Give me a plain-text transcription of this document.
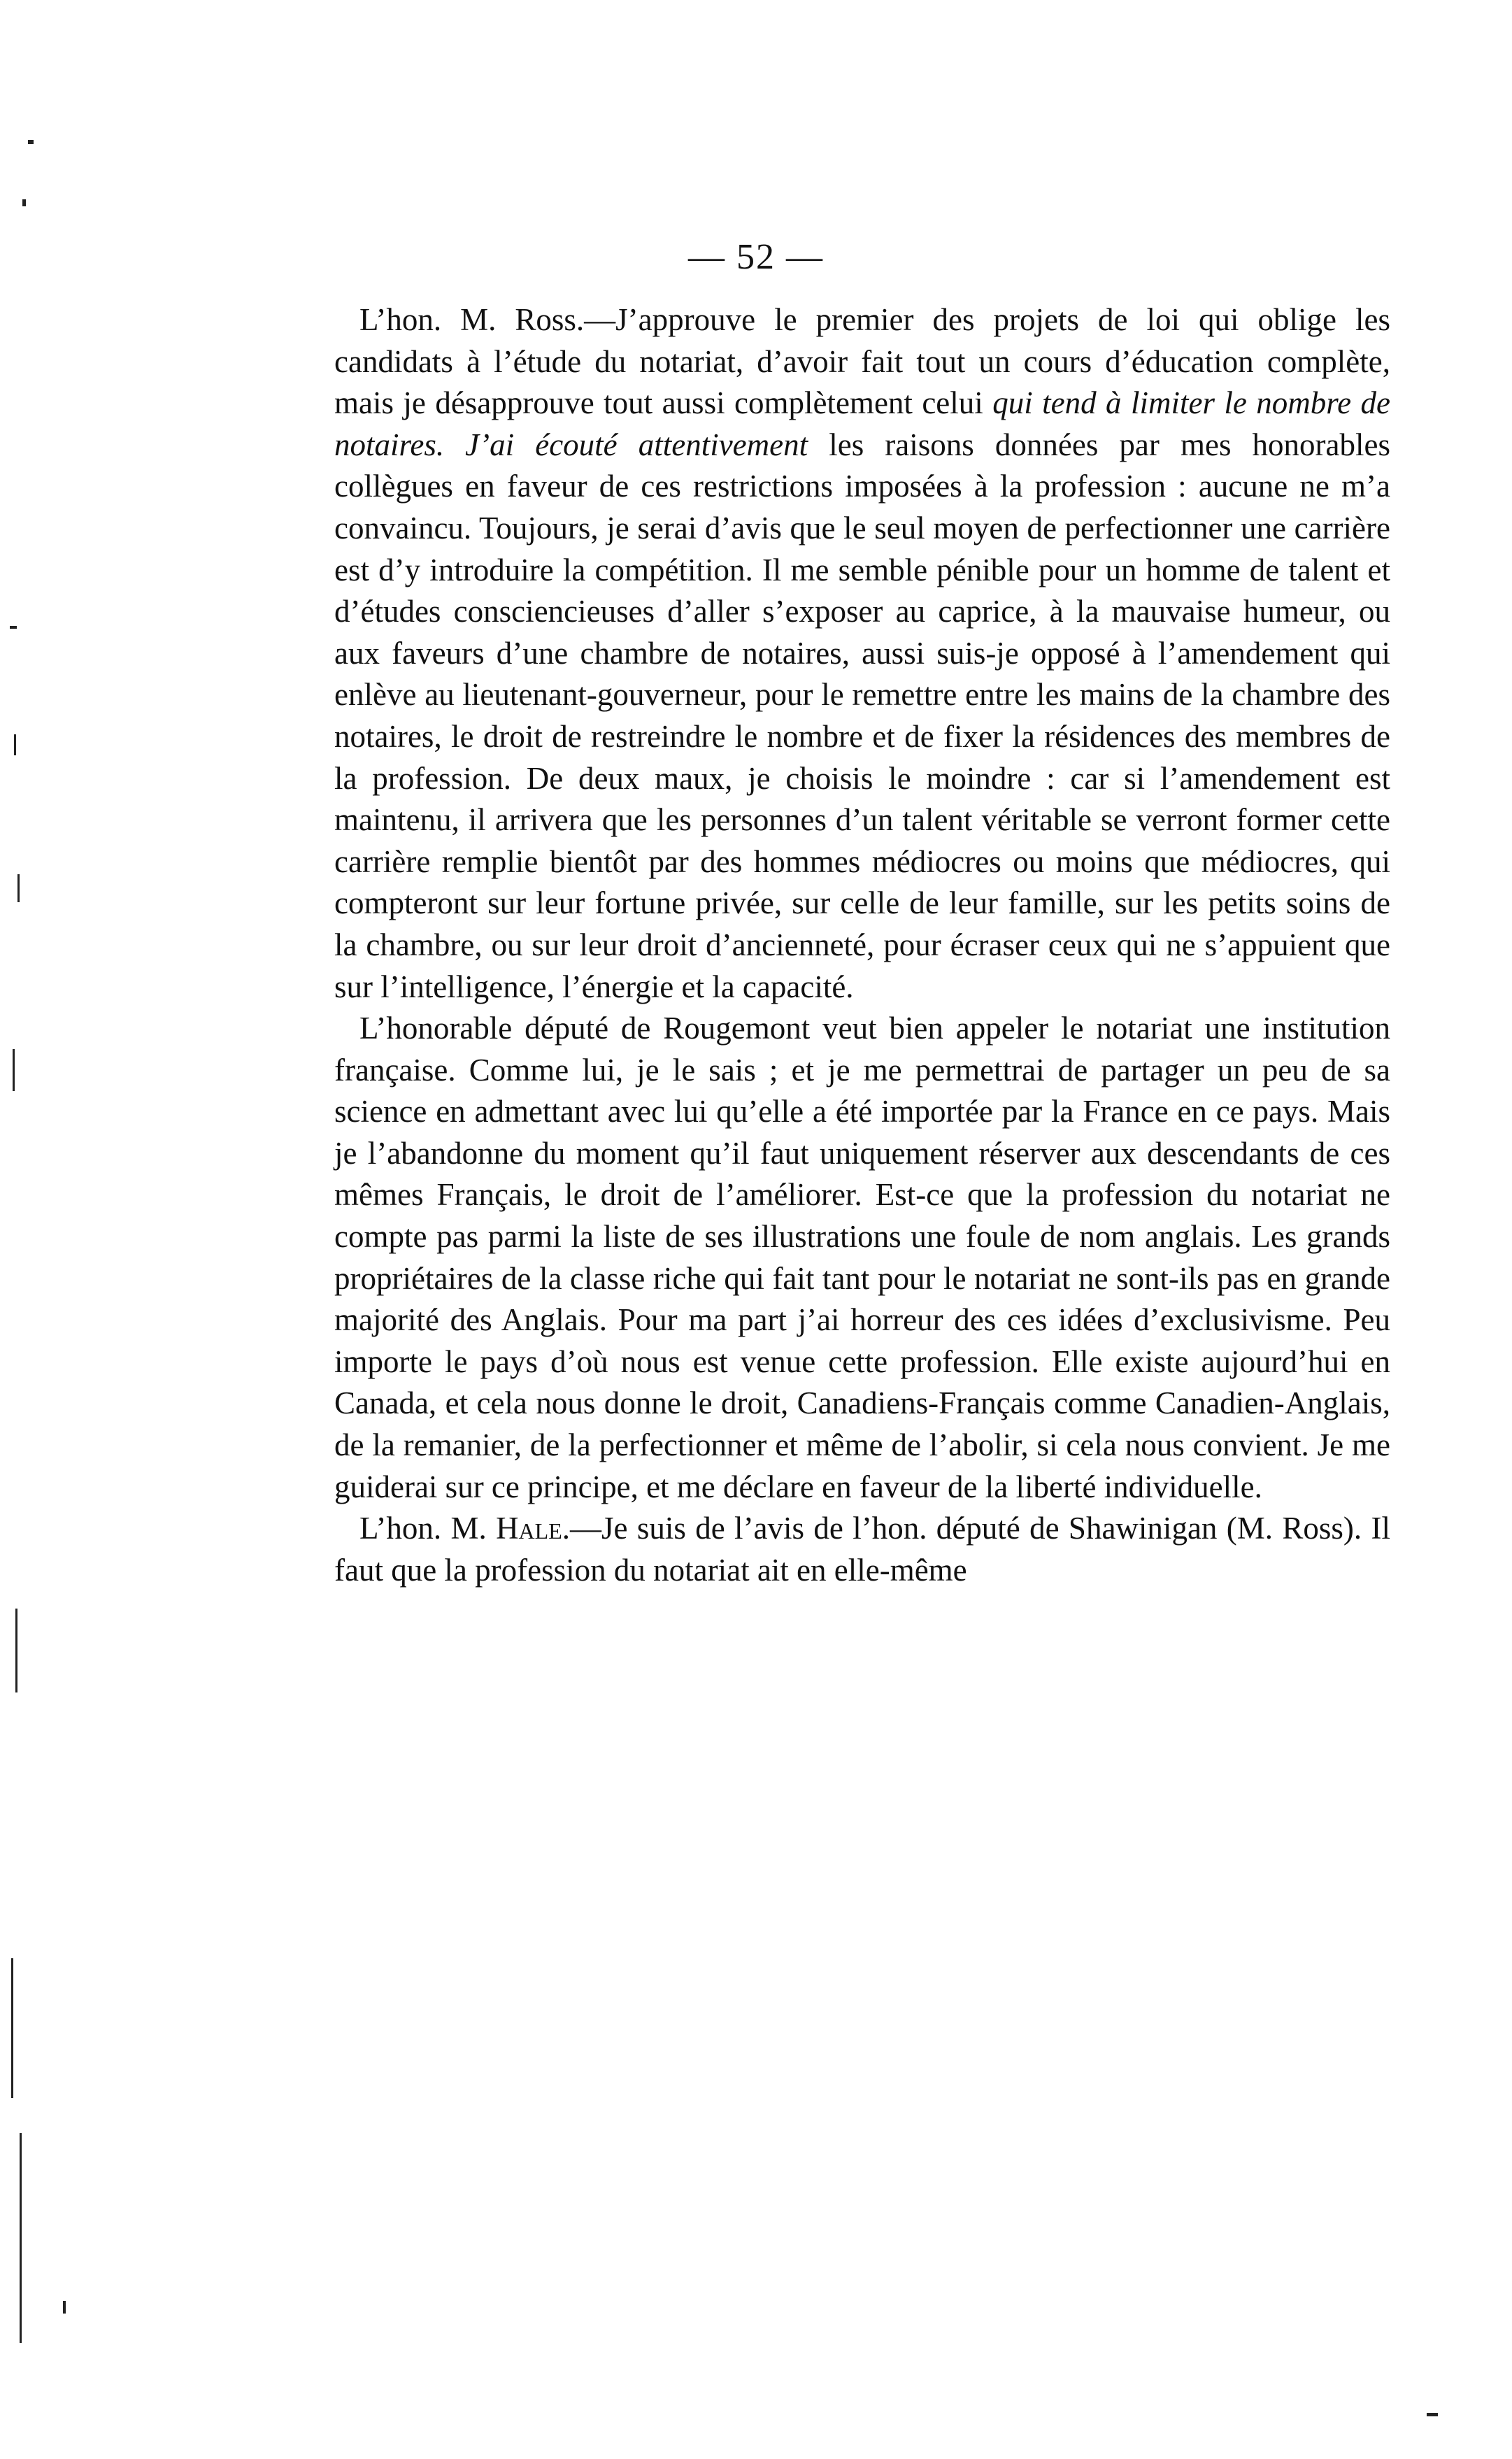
— 52 —

L’hon. M. Ross.—J’approuve le premier des projets de loi qui oblige les candidats à l’étude du notariat, d’avoir fait tout un cours d’éducation complète, mais je désapprouve tout aussi complètement celui qui tend à limiter le nombre de notaires. J’ai écouté attentivement les raisons données par mes honorables collègues en faveur de ces restrictions imposées à la profession : aucune ne m’a convaincu. Toujours, je serai d’avis que le seul moyen de perfectionner une carrière est d’y introduire la compétition. Il me semble pénible pour un homme de talent et d’études consciencieuses d’aller s’exposer au caprice, à la mauvaise humeur, ou aux faveurs d’une chambre de notaires, aussi suis-je opposé à l’amendement qui enlève au lieutenant-gouverneur, pour le remettre entre les mains de la chambre des notaires, le droit de restreindre le nombre et de fixer la résidences des membres de la profession. De deux maux, je choisis le moindre : car si l’amendement est maintenu, il arrivera que les personnes d’un talent véritable se verront former cette carrière remplie bientôt par des hommes médiocres ou moins que médiocres, qui compteront sur leur fortune privée, sur celle de leur famille, sur les petits soins de la chambre, ou sur leur droit d’ancienneté, pour écraser ceux qui ne s’appuient que sur l’intelligence, l’énergie et la capacité.

L’honorable député de Rougemont veut bien appeler le notariat une institution française. Comme lui, je le sais ; et je me permettrai de partager un peu de sa science en admettant avec lui qu’elle a été importée par la France en ce pays. Mais je l’abandonne du moment qu’il faut uniquement réserver aux descendants de ces mêmes Français, le droit de l’améliorer. Est-ce que la profession du notariat ne compte pas parmi la liste de ses illustrations une foule de nom anglais. Les grands propriétaires de la classe riche qui fait tant pour le notariat ne sont-ils pas en grande majorité des Anglais. Pour ma part j’ai horreur des ces idées d’exclusivisme. Peu importe le pays d’où nous est venue cette profession. Elle existe aujourd’hui en Canada, et cela nous donne le droit, Canadiens-Français comme Canadien-Anglais, de la remanier, de la perfectionner et même de l’abolir, si cela nous convient. Je me guiderai sur ce principe, et me déclare en faveur de la liberté individuelle.

L’hon. M. Hale.—Je suis de l’avis de l’hon. député de Shawinigan (M. Ross). Il faut que la profession du notariat ait en elle-même
